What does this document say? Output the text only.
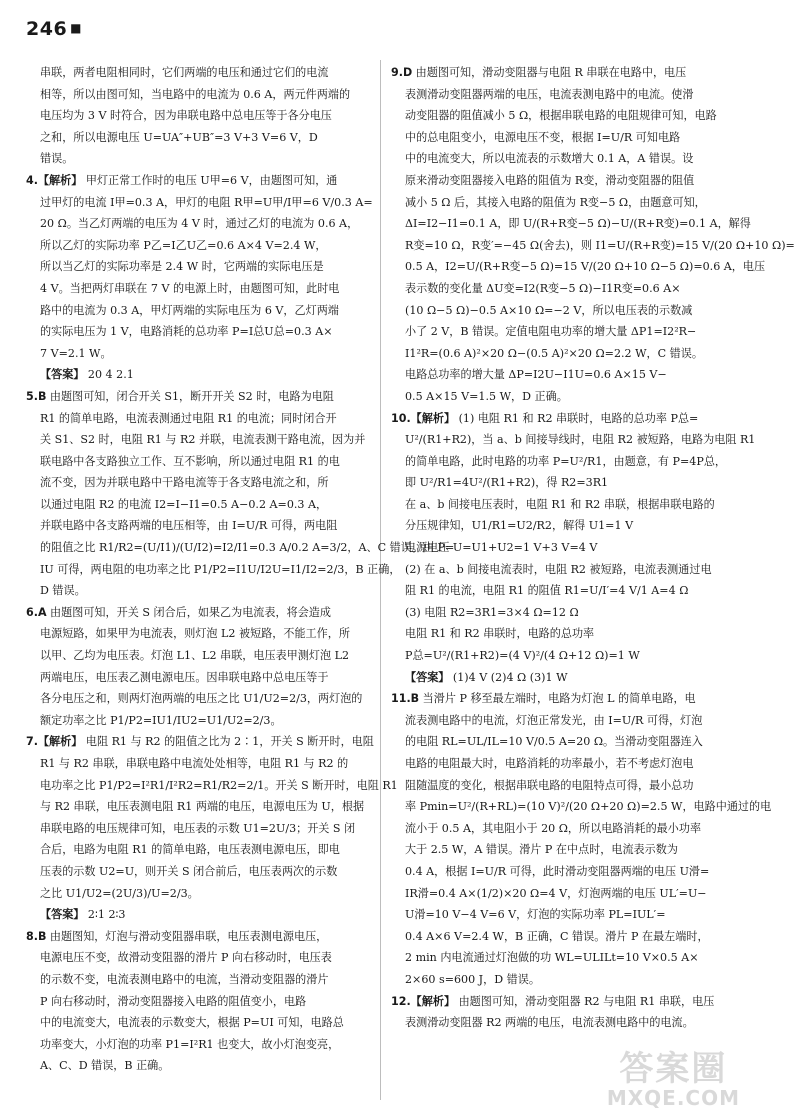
246 ■
串联，两者电阻相同时，它们两端的电压和通过它们的电流
相等，所以由图可知，当电路中的电流为 0.6 A，两元件两端的
电压均为 3 V 时符合，因为串联电路中总电压等于各分电压
之和，所以电源电压 U=UA″+UB″=3 V+3 V=6 V，D
错误。
4.【解析】 甲灯正常工作时的电压 U甲=6 V，由题图可知，通
过甲灯的电流 I甲=0.3 A，甲灯的电阻 R甲=U甲/I甲=6 V/0.3 A=
20 Ω。当乙灯两端的电压为 4 V 时，通过乙灯的电流为 0.6 A，
所以乙灯的实际功率 P乙=I乙U乙=0.6 A×4 V=2.4 W，
所以当乙灯的实际功率是 2.4 W 时，它两端的实际电压是
4 V。当把两灯串联在 7 V 的电源上时，由题图可知，此时电
路中的电流为 0.3 A，甲灯两端的实际电压为 6 V，乙灯两端
的实际电压为 1 V，电路消耗的总功率 P=I总U总=0.3 A×
7 V=2.1 W。
【答案】 20 4 2.1
5.B 由题图可知，闭合开关 S1，断开开关 S2 时，电路为电阻
R1 的简单电路，电流表测通过电阻 R1 的电流；同时闭合开
关 S1、S2 时，电阻 R1 与 R2 并联，电流表测干路电流，因为并
联电路中各支路独立工作、互不影响，所以通过电阻 R1 的电
流不变，因为并联电路中干路电流等于各支路电流之和，所
以通过电阻 R2 的电流 I2=I−I1=0.5 A−0.2 A=0.3 A，
并联电路中各支路两端的电压相等，由 I=U/R 可得，两电阻
的阻值之比 R1/R2=(U/I1)/(U/I2)=I2/I1=0.3 A/0.2 A=3/2，A、C 错误。由 P=
IU 可得，两电阻的电功率之比 P1/P2=I1U/I2U=I1/I2=2/3，B 正确，
D 错误。
6.A 由题图可知，开关 S 闭合后，如果乙为电流表，将会造成
电源短路，如果甲为电流表，则灯泡 L2 被短路，不能工作，所
以甲、乙均为电压表。灯泡 L1、L2 串联，电压表甲测灯泡 L2
两端电压，电压表乙测电源电压。因串联电路中总电压等于
各分电压之和，则两灯泡两端的电压之比 U1/U2=2/3，两灯泡的
额定功率之比 P1/P2=IU1/IU2=U1/U2=2/3。
7.【解析】 电阻 R1 与 R2 的阻值之比为 2∶1，开关 S 断开时，电阻
R1 与 R2 串联，串联电路中电流处处相等，电阻 R1 与 R2 的
电功率之比 P1/P2=I²R1/I²R2=R1/R2=2/1。开关 S 断开时，电阻 R1
与 R2 串联，电压表测电阻 R1 两端的电压，电源电压为 U，根据
串联电路的电压规律可知，电压表的示数 U1=2U/3；开关 S 闭
合后，电路为电阻 R1 的简单电路，电压表测电源电压，即电
压表的示数 U2=U，则开关 S 闭合前后，电压表两次的示数
之比 U1/U2=(2U/3)/U=2/3。
【答案】 2∶1 2∶3
8.B 由题图知，灯泡与滑动变阻器串联，电压表测电源电压，
电源电压不变，故滑动变阻器的滑片 P 向右移动时，电压表
的示数不变，电流表测电路中的电流，当滑动变阻器的滑片
P 向右移动时，滑动变阻器接入电路的阻值变小，电路
中的电流变大，电流表的示数变大，根据 P=UI 可知，电路总
功率变大，小灯泡的功率 P1=I²R1 也变大，故小灯泡变亮，
A、C、D 错误，B 正确。
9.D 由题图可知，滑动变阻器与电阻 R 串联在电路中，电压
表测滑动变阻器两端的电压，电流表测电路中的电流。使滑
动变阻器的阻值减小 5 Ω，根据串联电路的电阻规律可知，电路
中的总电阻变小，电源电压不变，根据 I=U/R 可知电路
中的电流变大，所以电流表的示数增大 0.1 A，A 错误。设
原来滑动变阻器接入电路的阻值为 R变，滑动变阻器的阻值
减小 5 Ω 后，其接入电路的阻值为 R变−5 Ω，由题意可知，
ΔI=I2−I1=0.1 A，即 U/(R+R变−5 Ω)−U/(R+R变)=0.1 A，解得
R变=10 Ω，R变′=−45 Ω(舍去)，则 I1=U/(R+R变)=15 V/(20 Ω+10 Ω)=
0.5 A，I2=U/(R+R变−5 Ω)=15 V/(20 Ω+10 Ω−5 Ω)=0.6 A，电压
表示数的变化量 ΔU变=I2(R变−5 Ω)−I1R变=0.6 A×
(10 Ω−5 Ω)−0.5 A×10 Ω=−2 V，所以电压表的示数减
小了 2 V，B 错误。定值电阻电功率的增大量 ΔP1=I2²R−
I1²R=(0.6 A)²×20 Ω−(0.5 A)²×20 Ω=2.2 W，C 错误。
电路总功率的增大量 ΔP=I2U−I1U=0.6 A×15 V−
0.5 A×15 V=1.5 W，D 正确。
10.【解析】 (1) 电阻 R1 和 R2 串联时，电路的总功率 P总=
U²/(R1+R2)，当 a、b 间接导线时，电阻 R2 被短路，电路为电阻 R1
的简单电路，此时电路的功率 P=U²/R1，由题意，有 P=4P总，
即 U²/R1=4U²/(R1+R2)，得 R2=3R1
在 a、b 间接电压表时，电阻 R1 和 R2 串联，根据串联电路的
分压规律知，U1/R1=U2/R2，解得 U1=1 V
电源电压 U=U1+U2=1 V+3 V=4 V
(2) 在 a、b 间接电流表时，电阻 R2 被短路，电流表测通过电
阻 R1 的电流，电阻 R1 的阻值 R1=U/I′=4 V/1 A=4 Ω
(3) 电阻 R2=3R1=3×4 Ω=12 Ω
电阻 R1 和 R2 串联时，电路的总功率
P总=U²/(R1+R2)=(4 V)²/(4 Ω+12 Ω)=1 W
【答案】 (1)4 V (2)4 Ω (3)1 W
11.B 当滑片 P 移至最左端时，电路为灯泡 L 的简单电路，电
流表测电路中的电流，灯泡正常发光，由 I=U/R 可得，灯泡
的电阻 RL=UL/IL=10 V/0.5 A=20 Ω。当滑动变阻器连入
电路的电阻最大时，电路消耗的功率最小，若不考虑灯泡电
阻随温度的变化，根据串联电路的电阻特点可得，最小总功
率 Pmin=U²/(R+RL)=(10 V)²/(20 Ω+20 Ω)=2.5 W，电路中通过的电
流小于 0.5 A，其电阻小于 20 Ω，所以电路消耗的最小功率
大于 2.5 W，A 错误。滑片 P 在中点时，电流表示数为
0.4 A，根据 I=U/R 可得，此时滑动变阻器两端的电压 U滑=
IR滑=0.4 A×(1/2)×20 Ω=4 V，灯泡两端的电压 UL′=U−
U滑=10 V−4 V=6 V，灯泡的实际功率 PL=IUL′=
0.4 A×6 V=2.4 W，B 正确，C 错误。滑片 P 在最左端时，
2 min 内电流通过灯泡做的功 WL=ULILt=10 V×0.5 A×
2×60 s=600 J，D 错误。
12.【解析】 由题图可知，滑动变阻器 R2 与电阻 R1 串联，电压
表测滑动变阻器 R2 两端的电压，电流表测电路中的电流。
答案圈
MXQE.COM
